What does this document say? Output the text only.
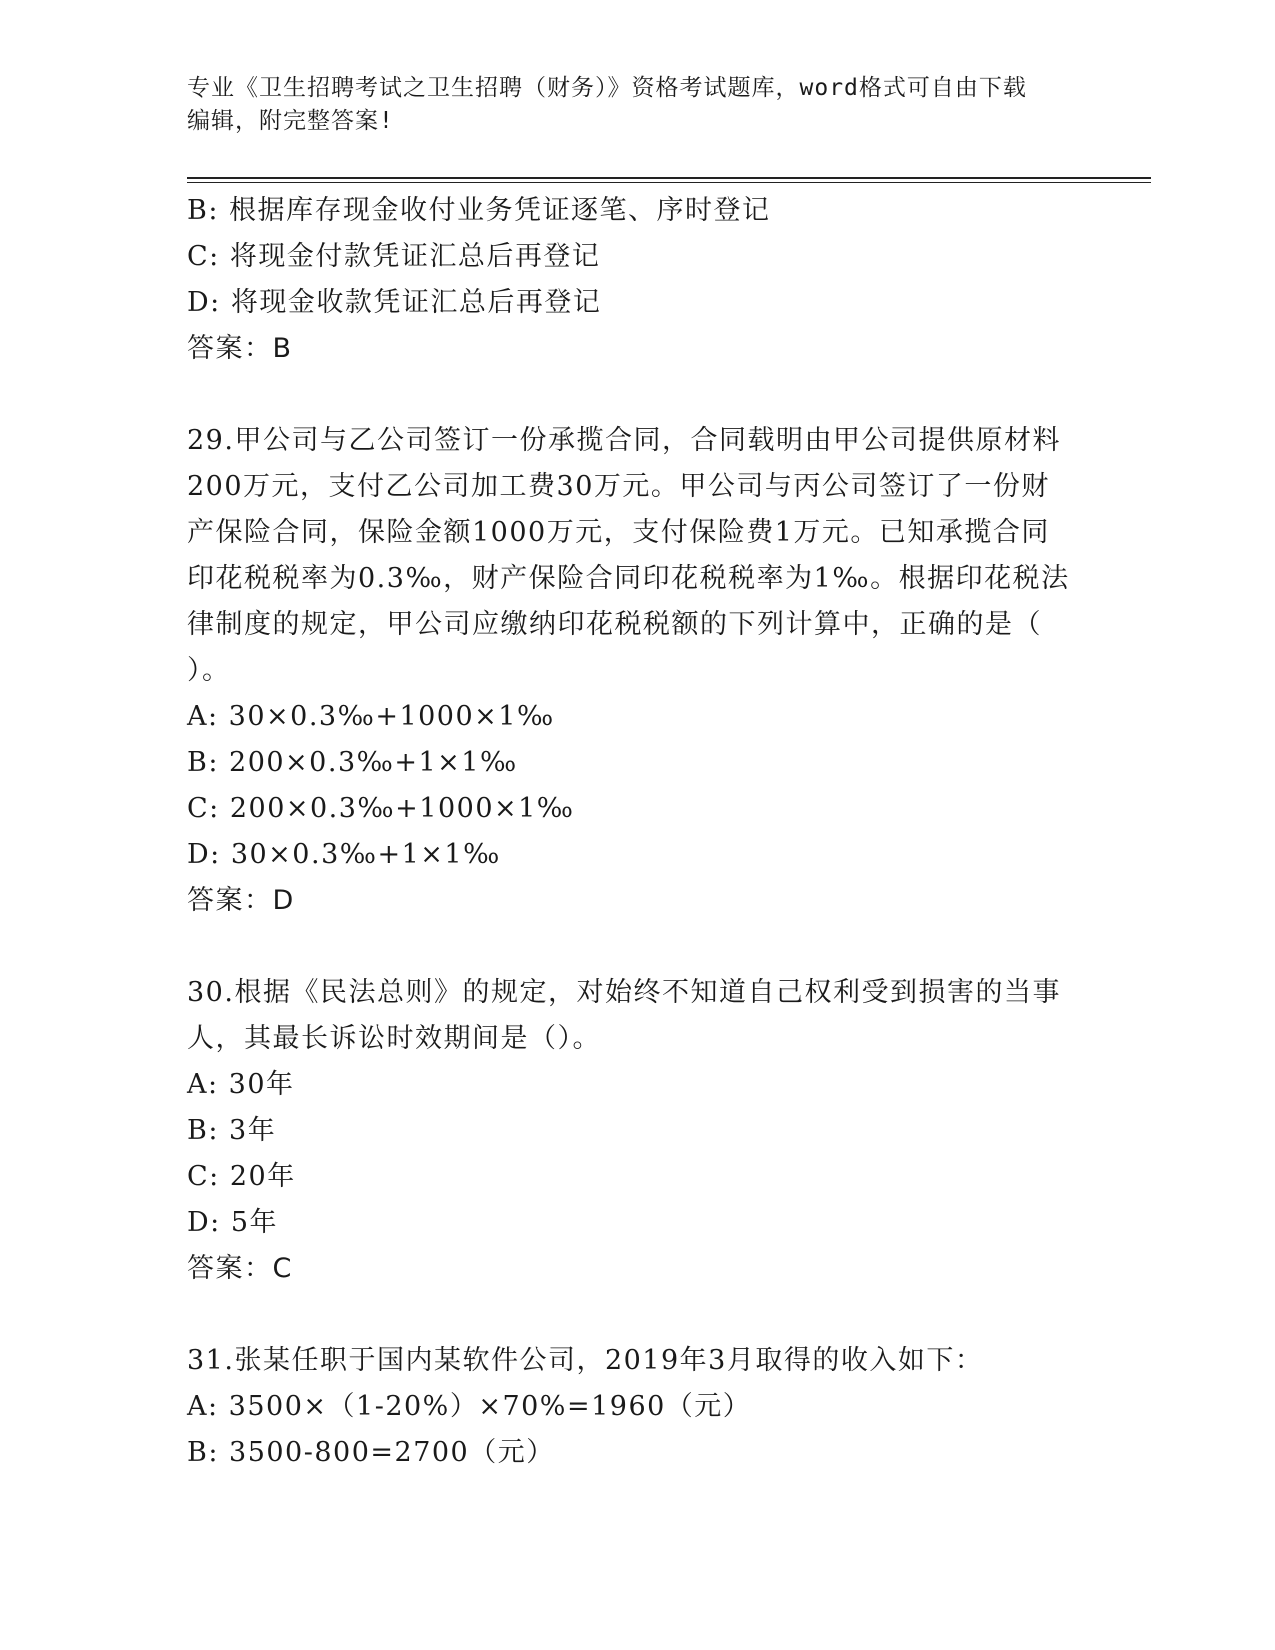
专业《卫生招聘考试之卫生招聘（财务）》资格考试题库，word格式可自由下载
编辑，附完整答案!
B: 根据库存现金收付业务凭证逐笔、序时登记
C: 将现金付款凭证汇总后再登记
D: 将现金收款凭证汇总后再登记
答案：B
29.甲公司与乙公司签订一份承揽合同，合同载明由甲公司提供原材料
200万元，支付乙公司加工费30万元。甲公司与丙公司签订了一份财
产保险合同，保险金额1000万元，支付保险费1万元。已知承揽合同
印花税税率为0.3‰，财产保险合同印花税税率为1‰。根据印花税法
律制度的规定，甲公司应缴纳印花税税额的下列计算中，正确的是（
）。
A: 30×0.3‰+1000×1‰
B: 200×0.3‰+1×1‰
C: 200×0.3‰+1000×1‰
D: 30×0.3‰+1×1‰
答案：D
30.根据《民法总则》的规定，对始终不知道自己权利受到损害的当事
人，其最长诉讼时效期间是（）。
A: 30年
B: 3年
C: 20年
D: 5年
答案：C
31.张某任职于国内某软件公司，2019年3月取得的收入如下：
A: 3500×（1-20%）×70%=1960（元）
B: 3500-800=2700（元）
